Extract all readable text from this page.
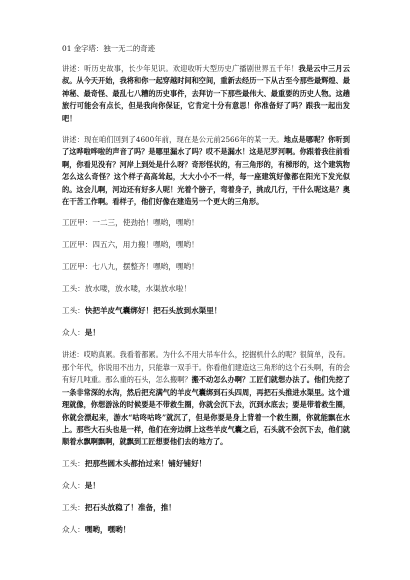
01 金字塔：独一无二的奇迹
讲述：听历史故事，长少年见识。欢迎收听大型历史广播剧世界五千年！我是云中三月云叔。从今天开始，我将和你一起穿越时间和空间，重新去经历一下从古至今那些最辉煌、最神秘、最奇怪、最乱七八糟的历史事件，去拜访一下那些最伟大、最重要的历史人物。这趟旅行可能会有点长，但是我向你保证，它肯定十分有意思！你准备好了吗？跟我一起出发吧！
讲述：现在咱们回到了4600年前，现在是公元前2566年的某一天。地点是哪呢？你听到了这哗啦哗啦的声音了吗？是哪里漏水了吗？哎不是漏水！这是尼罗河啊。你跟着我往前看啊，你看见没有？河岸上到处是什么呀？奇形怪状的，有三角形的，有梯形的，这个建筑物怎么这么奇怪？这个样子高高耸起，大大小小不一样，每一座建筑好像都在阳光下发光似的。这会儿啊，河边还有好多人呢！光着个膀子，弯着身子，挑成几行，干什么呢这是？奥在干苦工作啊。看样子，他们好像在建造另一个更大的三角形。
工匠甲：一二三，使劲抬！嘿哟，嘿哟！
工匠甲：四五六，用力搬！嘿哟，嘿哟！
工匠甲：七八九，摆整齐！嘿哟，嘿哟！
工头：放水喽，放水喽，水渠放水啦！
工头：快把羊皮气囊绑好！把石头放到水渠里！
众人：是！
讲述：哎哟真累。我看着都累。为什么不用大吊车什么，挖掘机什么的呢？很简单，没有。那个年代，你说用不出力，只能靠一双手干。你看他们建造这三角形的这个石头啊，有的会有好几吨重。那么重的石头，怎么搬啊？搬不动怎么办啊？工匠们就想办法了。他们先挖了一条非常深的水沟，然后把充满气的羊皮气囊绑到石头四周，再把石头推进水渠里。这个道理就像，你想游泳的时候要是不带救生圈，你就会沉下去，沉到水底去；要是带着救生圈，你就会漂起来，游水“咕咚咕咚”就沉了，但是你要是身上背着一个救生圈，你就能飘在水上。那些大石头也是一样，他们在旁边绑上这些羊皮气囊之后，石头就不会沉下去，他们就顺着水飘啊飘啊，就飘到工匠想要他们去的地方了。
工头：把那些圆木头都抬过来！铺好铺好！
众人：是！
工头：把石头放稳了！准备，推！
众人：嘿哟，嘿哟！
